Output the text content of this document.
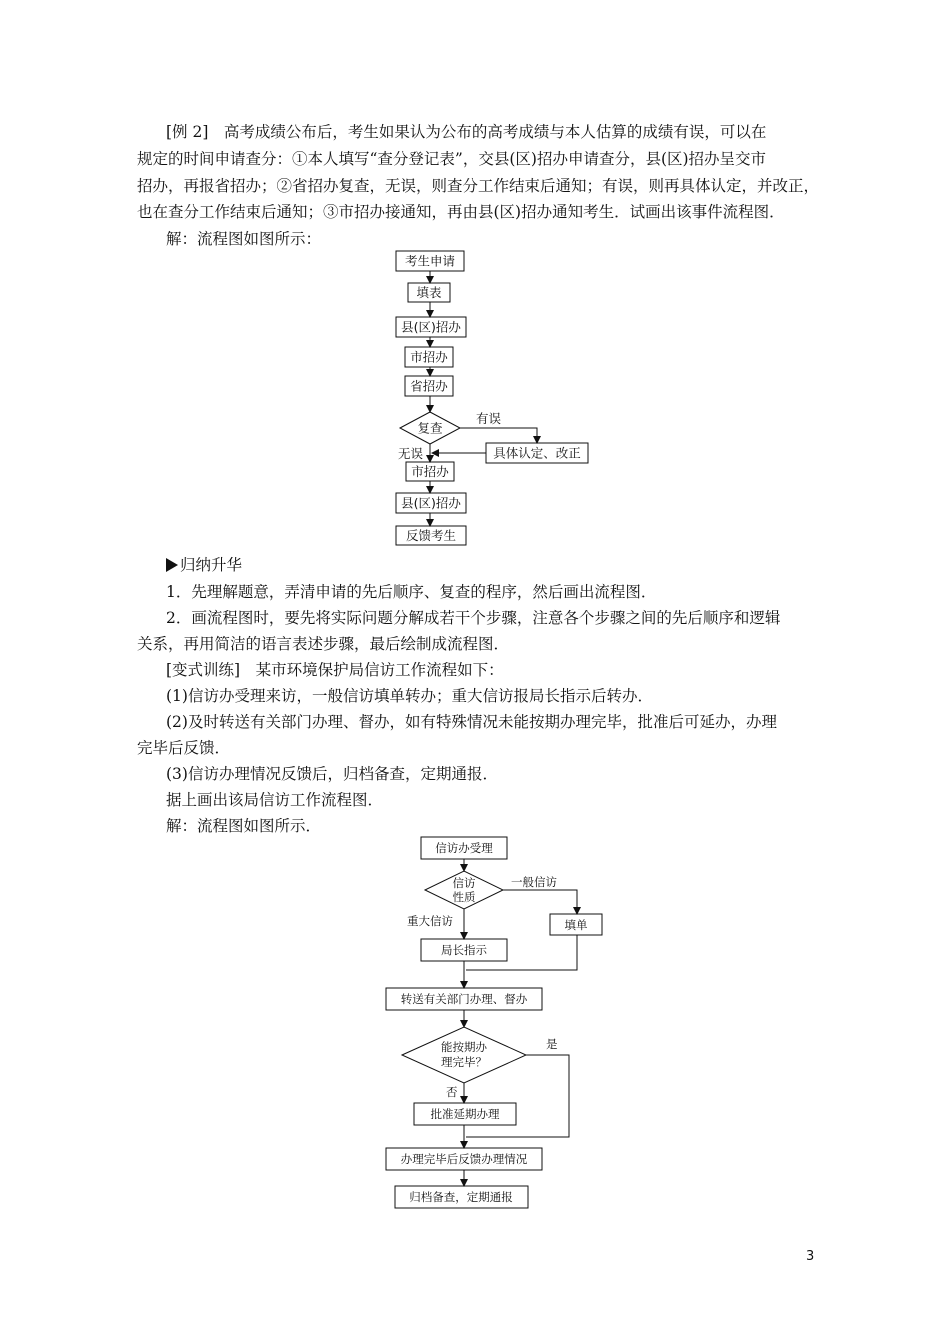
[例 2]　高考成绩公布后，考生如果认为公布的高考成绩与本人估算的成绩有误，可以在
规定的时间申请查分：①本人填写“查分登记表”，交县(区)招办申请查分，县(区)招办呈交市
招办，再报省招办；②省招办复查，无误，则查分工作结束后通知；有误，则再具体认定，并改正，
也在查分工作结束后通知；③市招办接通知，再由县(区)招办通知考生．试画出该事件流程图．
解：流程图如图所示：
考生申请
填表
县(区)招办
市招办
省招办
复查
具体认定、改正
市招办
县(区)招办
反馈考生
有误
无误
归纳升华
1．先理解题意，弄清申请的先后顺序、复查的程序，然后画出流程图．
2．画流程图时，要先将实际问题分解成若干个步骤，注意各个步骤之间的先后顺序和逻辑
关系，再用简洁的语言表述步骤，最后绘制成流程图．
[变式训练]　某市环境保护局信访工作流程如下：
(1)信访办受理来访，一般信访填单转办；重大信访报局长指示后转办．
(2)及时转送有关部门办理、督办，如有特殊情况未能按期办理完毕，批准后可延办，办理
完毕后反馈．
(3)信访办理情况反馈后，归档备查，定期通报．
据上画出该局信访工作流程图．
解：流程图如图所示．
信访办受理
信访
性质
一般信访
重大信访	填单
局长指示
转送有关部门办理、督办
能按期办
理完毕？
是
否
批准延期办理
办理完毕后反馈办理情况
归档备查，定期通报
3
